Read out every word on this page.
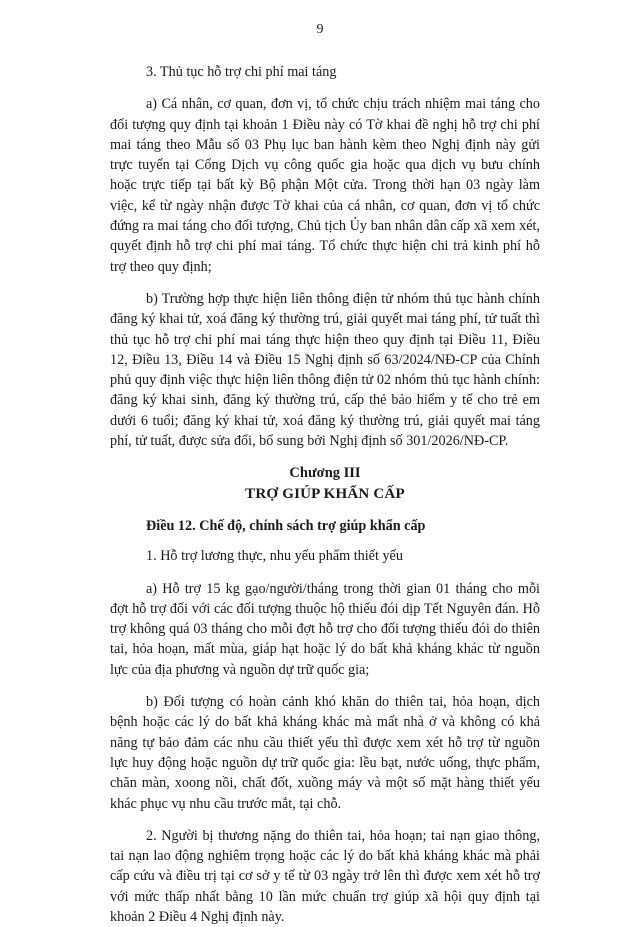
9

3. Thủ tục hỗ trợ chi phí mai táng

a) Cá nhân, cơ quan, đơn vị, tổ chức chịu trách nhiệm mai táng cho đối tượng quy định tại khoản 1 Điều này có Tờ khai đề nghị hỗ trợ chi phí mai táng theo Mẫu số 03 Phụ lục ban hành kèm theo Nghị định này gửi trực tuyến tại Cổng Dịch vụ công quốc gia hoặc qua dịch vụ bưu chính hoặc trực tiếp tại bất kỳ Bộ phận Một cửa. Trong thời hạn 03 ngày làm việc, kể từ ngày nhận được Tờ khai của cá nhân, cơ quan, đơn vị tổ chức đứng ra mai táng cho đối tượng, Chủ tịch Ủy ban nhân dân cấp xã xem xét, quyết định hỗ trợ chi phí mai táng. Tổ chức thực hiện chi trả kinh phí hỗ trợ theo quy định;

b) Trường hợp thực hiện liên thông điện tử nhóm thủ tục hành chính đăng ký khai tử, xoá đăng ký thường trú, giải quyết mai táng phí, tử tuất thì thủ tục hỗ trợ chi phí mai táng thực hiện theo quy định tại Điều 11, Điều 12, Điều 13, Điều 14 và Điều 15 Nghị định số 63/2024/NĐ-CP của Chính phủ quy định việc thực hiện liên thông điện tử 02 nhóm thủ tục hành chính: đăng ký khai sinh, đăng ký thường trú, cấp thẻ bảo hiểm y tế cho trẻ em dưới 6 tuổi; đăng ký khai tử, xoá đăng ký thường trú, giải quyết mai táng phí, tử tuất, được sửa đổi, bổ sung bởi Nghị định số 301/2026/NĐ-CP.

Chương III

TRỢ GIÚP KHẨN CẤP

Điều 12. Chế độ, chính sách trợ giúp khẩn cấp

1. Hỗ trợ lương thực, nhu yếu phẩm thiết yếu

a) Hỗ trợ 15 kg gạo/người/tháng trong thời gian 01 tháng cho mỗi đợt hỗ trợ đối với các đối tượng thuộc hộ thiếu đói dịp Tết Nguyên đán. Hỗ trợ không quá 03 tháng cho mỗi đợt hỗ trợ cho đối tượng thiếu đói do thiên tai, hỏa hoạn, mất mùa, giáp hạt hoặc lý do bất khả kháng khác từ nguồn lực của địa phương và nguồn dự trữ quốc gia;

b) Đối tượng có hoàn cảnh khó khăn do thiên tai, hỏa hoạn, dịch bệnh hoặc các lý do bất khả kháng khác mà mất nhà ở và không có khả năng tự bảo đảm các nhu cầu thiết yếu thì được xem xét hỗ trợ từ nguồn lực huy động hoặc nguồn dự trữ quốc gia: lều bạt, nước uống, thực phẩm, chăn màn, xoong nồi, chất đốt, xuồng máy và một số mặt hàng thiết yếu khác phục vụ nhu cầu trước mắt, tại chỗ.

2. Người bị thương nặng do thiên tai, hỏa hoạn; tai nạn giao thông, tai nạn lao động nghiêm trọng hoặc các lý do bất khả kháng khác mà phải cấp cứu và điều trị tại cơ sở y tế từ 03 ngày trở lên thì được xem xét hỗ trợ với mức thấp nhất bằng 10 lần mức chuẩn trợ giúp xã hội quy định tại khoản 2 Điều 4 Nghị định này.
